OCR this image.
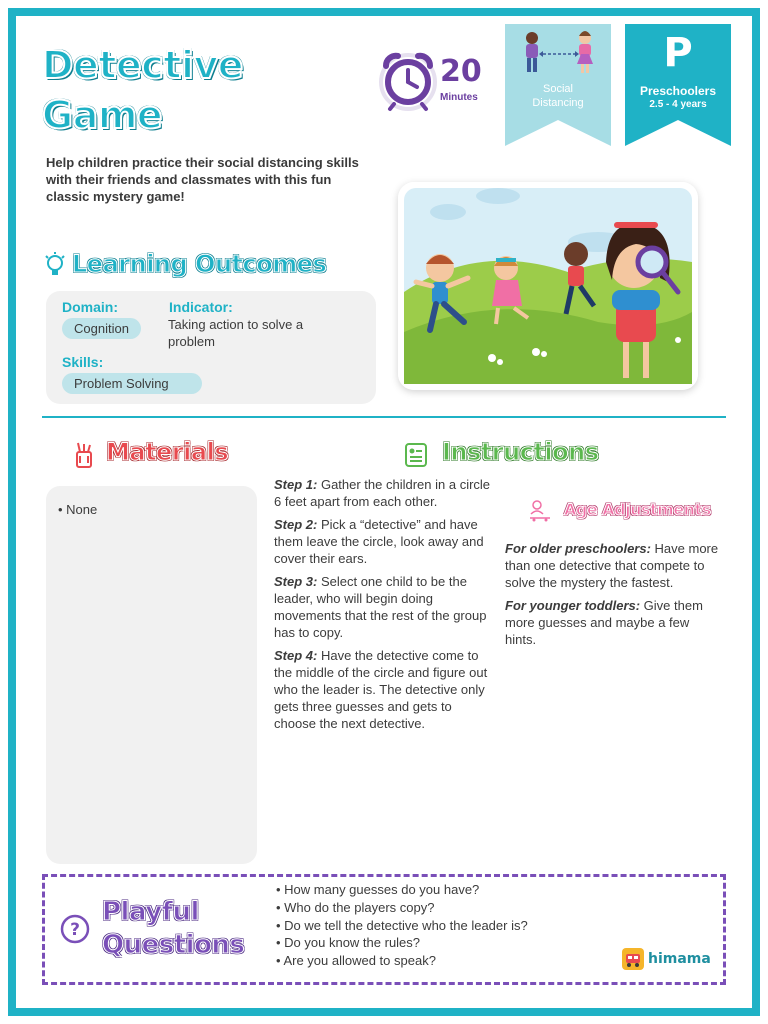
Detective
Game
20
Minutes
Social
Distancing
P
Preschoolers
2.5 - 4 years
Help children practice their social distancing skills with their friends and classmates with this fun classic mystery game!
Learning Outcomes
Domain:
Cognition
Indicator:
Taking action to solve a problem
Skills:
Problem Solving
Materials
• None
Instructions

Step 1: Gather the children in a circle 6 feet apart from each other.

Step 2: Pick a “detective” and have them leave the circle, look away and cover their ears.

Step 3: Select one child to be the leader, who will begin doing movements that the rest of the group has to copy.

Step 4: Have the detective come to the middle of the circle and figure out who the leader is. The detective only gets three guesses and gets to choose the next detective.

Age Adjustments

For older preschoolers: Have more than one detective that compete to solve the mystery the fastest.

For younger toddlers: Give them more guesses and maybe a few hints.

?
Playful
Questions
• How many guesses do you have?
• Who do the players copy?
• Do we tell the detective who the leader is?
• Do you know the rules?
• Are you allowed to speak?	himama
